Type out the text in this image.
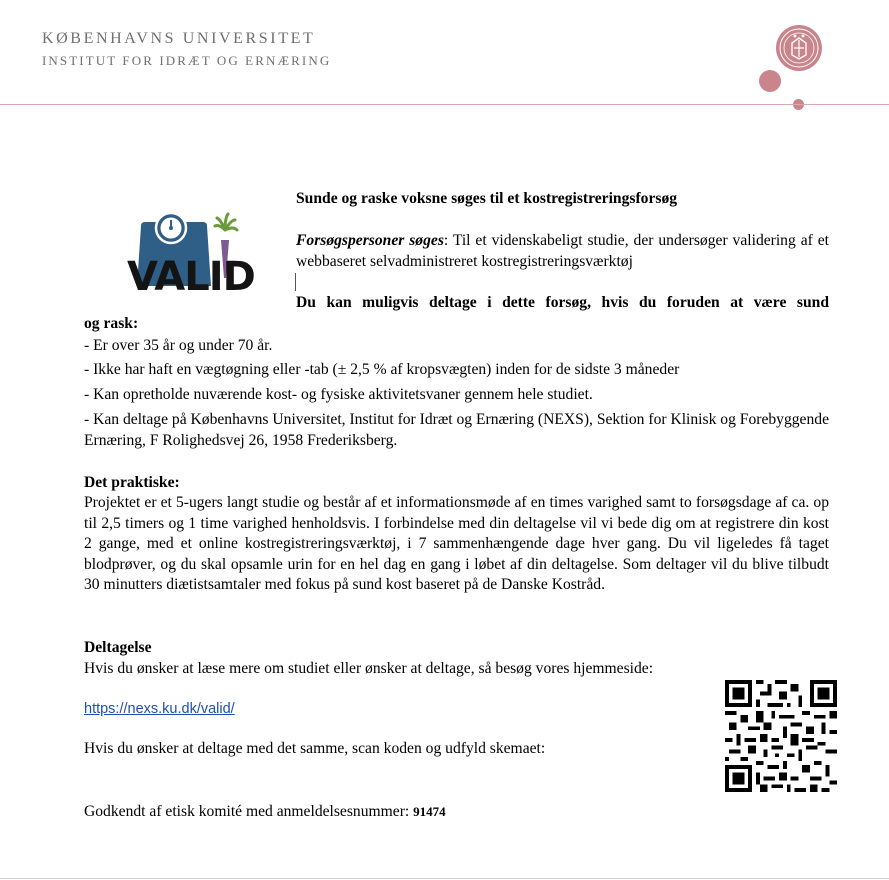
KØBENHAVNS UNIVERSITET
INSTITUT FOR IDRÆT OG ERNÆRING
VALID
Sunde og raske voksne søges til et kostregistreringsforsøg
Forsøgspersoner søges: Til et videnskabeligt studie, der undersøger validering af et webbaseret selvadministreret kostregistreringsværktøj
Du kan muligvis deltage i dette forsøg, hvis du foruden at være sund
og rask:
- Er over 35 år og under 70 år.
- Ikke har haft en vægtøgning eller -tab (± 2,5 % af kropsvægten) inden for de sidste 3 måneder
- Kan opretholde nuværende kost- og fysiske aktivitetsvaner gennem hele studiet.
- Kan deltage på Københavns Universitet, Institut for Idræt og Ernæring (NEXS), Sektion for Klinisk og Forebyggende Ernæring, F Rolighedsvej 26, 1958 Frederiksberg.
Det praktiske:
Projektet er et 5-ugers langt studie og består af et informationsmøde af en times varighed samt to forsøgsdage af ca. op til 2,5 timers og 1 time varighed henholdsvis. I forbindelse med din deltagelse vil vi bede dig om at registrere din kost 2 gange, med et online kostregistreringsværktøj, i 7 sammenhængende dage hver gang. Du vil ligeledes få taget blodprøver, og du skal opsamle urin for en hel dag en gang i løbet af din deltagelse. Som deltager vil du blive tilbudt 30 minutters diætistsamtaler med fokus på sund kost baseret på de Danske Kostråd.
Deltagelse
Hvis du ønsker at læse mere om studiet eller ønsker at deltage, så besøg vores hjemmeside:
https://nexs.ku.dk/valid/
Hvis du ønsker at deltage med det samme, scan koden og udfyld skemaet:
Godkendt af etisk komité med anmeldelsesnummer: 91474
